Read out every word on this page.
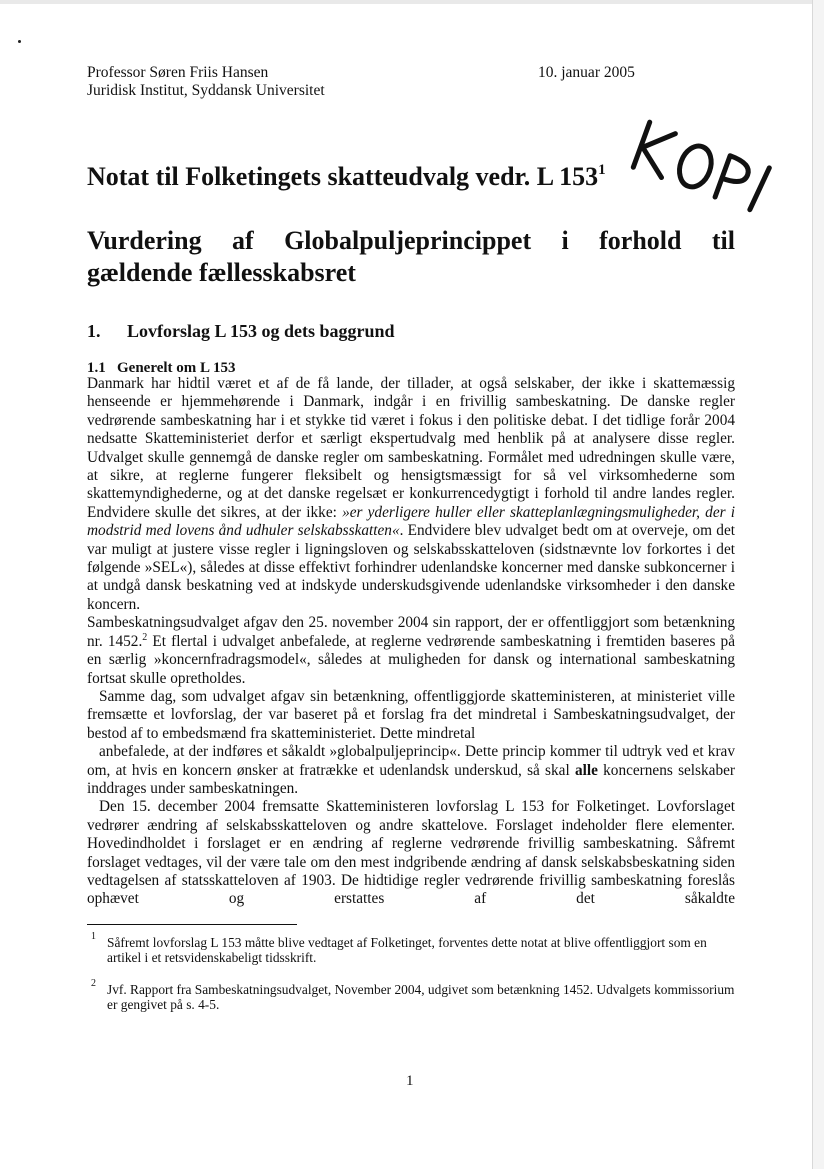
Professor Søren Friis Hansen
Juridisk Institut, Syddansk Universitet
10. januar 2005
Notat til Folketingets skatteudvalg vedr. L $153^1$
Vurdering af Globalpuljeprincippet i forhold til
gældende fællesskabsret
1. Lovforslag L 153 og dets baggrund
1.1 Generelt om L 153

Danmark har hidtil været et af de få lande, der tillader, at også selskaber, der ikke i skattemæssig henseende er hjemmehørende i Danmark, indgår i en frivillig sambeskatning. De danske regler vedrørende sambeskatning har i et stykke tid været i fokus i den politiske debat. I det tidlige forår 2004 nedsatte Skatteministeriet derfor et særligt ekspertudvalg med henblik på at analysere disse regler. Udvalget skulle gennemgå de danske regler om sambeskatning. Formålet med udredningen skulle være, at sikre, at reglerne fungerer fleksibelt og hensigtsmæssigt for så vel virksomhederne som skattemyndighederne, og at det danske regelsæt er konkurrencedygtigt i forhold til andre landes regler. Endvidere skulle det sikres, at der ikke: »er yderligere huller eller skatteplanlægningsmuligheder, der i modstrid med lovens ånd udhuler selskabsskatten«. Endvidere blev udvalget bedt om at overveje, om det var muligt at justere visse regler i ligningsloven og selskabsskatteloven (sidstnævnte lov forkortes i det følgende »SEL«), således at disse effektivt forhindrer udenlandske koncerner med danske subkoncerner i at undgå dansk beskatning ved at indskyde underskudsgivende udenlandske virksomheder i den danske koncern.

Sambeskatningsudvalget afgav den 25. november 2004 sin rapport, der er offentliggjort som betænkning nr. 1452.$^2$ Et flertal i udvalget anbefalede, at reglerne vedrørende sambeskatning i fremtiden baseres på en særlig »koncernfradragsmodel«, således at muligheden for dansk og international sambeskatning fortsat skulle opretholdes.

Samme dag, som udvalget afgav sin betænkning, offentliggjorde skatteministeren, at ministeriet ville fremsætte et lovforslag, der var baseret på et forslag fra det mindretal i Sambeskatningsudvalget, der bestod af to embedsmænd fra skatteministeriet. Dette mindretal

anbefalede, at der indføres et såkaldt »globalpuljeprincip«. Dette princip kommer til udtryk ved et krav om, at hvis en koncern ønsker at fratrække et udenlandsk underskud, så skal alle koncernens selskaber inddrages under sambeskatningen.

Den 15. december 2004 fremsatte Skatteministeren lovforslag L 153 for Folketinget. Lovforslaget vedrører ændring af selskabsskatteloven og andre skattelove. Forslaget indeholder flere elementer. Hovedindholdet i forslaget er en ændring af reglerne vedrørende frivillig sambeskatning. Såfremt forslaget vedtages, vil der være tale om den mest indgribende ændring af dansk selskabsbeskatning siden vedtagelsen af statsskatteloven af 1903. De hidtidige regler vedrørende frivillig sambeskatning foreslås ophævet og erstattes af det såkaldte

1 Såfremt lovforslag L 153 måtte blive vedtaget af Folketinget, forventes dette notat at blive offentliggjort som en artikel i et retsvidenskabeligt tidsskrift.
2 Jvf. Rapport fra Sambeskatningsudvalget, November 2004, udgivet som betænkning 1452. Udvalgets kommissorium er gengivet på s. 4-5.
1
